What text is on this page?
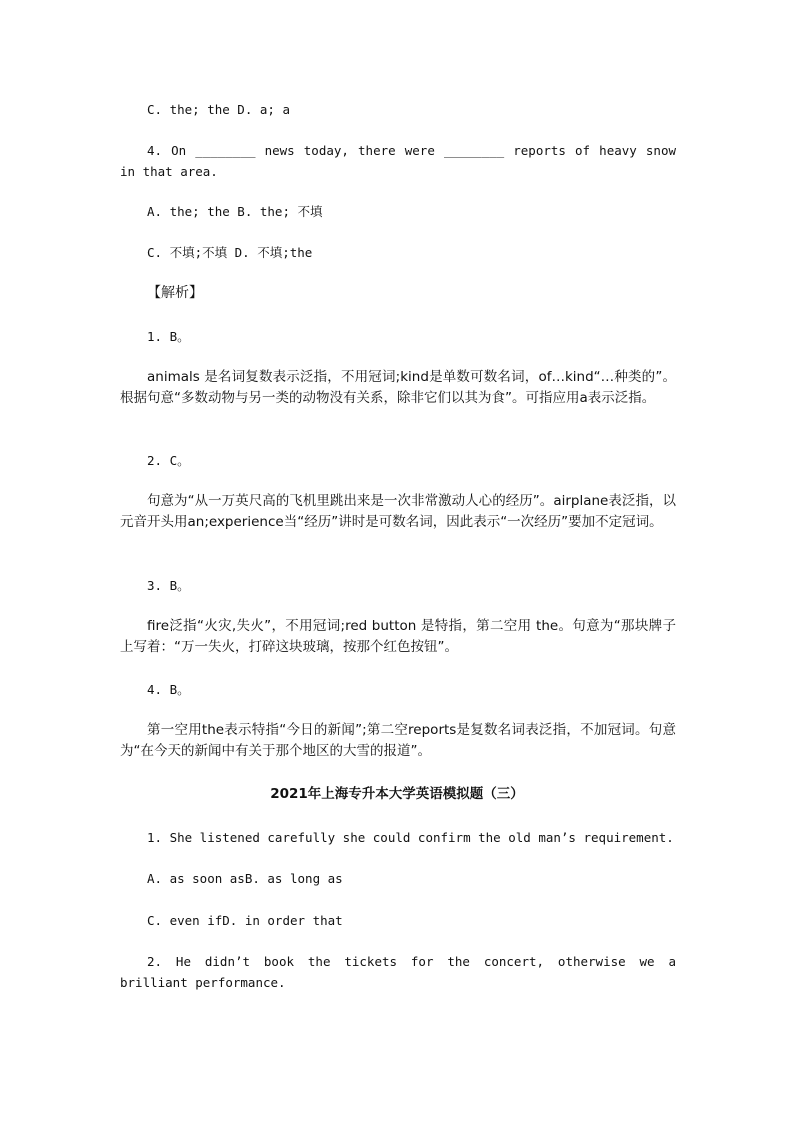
C. the; the D. a; a
4. On ________ news today, there were ________ reports of heavy snow in that area.
A. the; the B. the; 不填
C. 不填;不填 D. 不填;the
【解析】
1. B。
animals 是名词复数表示泛指，不用冠词;kind是单数可数名词，of…kind“…种类的”。根据句意“多数动物与另一类的动物没有关系，除非它们以其为食”。可指应用a表示泛指。
2. C。
句意为“从一万英尺高的飞机里跳出来是一次非常激动人心的经历”。airplane表泛指，以元音开头用an;experience当“经历”讲时是可数名词，因此表示“一次经历”要加不定冠词。
3. B。
fire泛指“火灾,失火”，不用冠词;red button 是特指，第二空用 the。句意为“那块牌子上写着：“万一失火，打碎这块玻璃，按那个红色按钮”。
4. B。
第一空用the表示特指“今日的新闻”;第二空reports是复数名词表泛指，不加冠词。句意为“在今天的新闻中有关于那个地区的大雪的报道”。
2021年上海专升本大学英语模拟题（三）
1. She listened carefully she could confirm the old man’s requirement.
A. as soon asB. as long as
C. even ifD. in order that
2. He didn’t book the tickets for the concert, otherwise we a brilliant performance.
